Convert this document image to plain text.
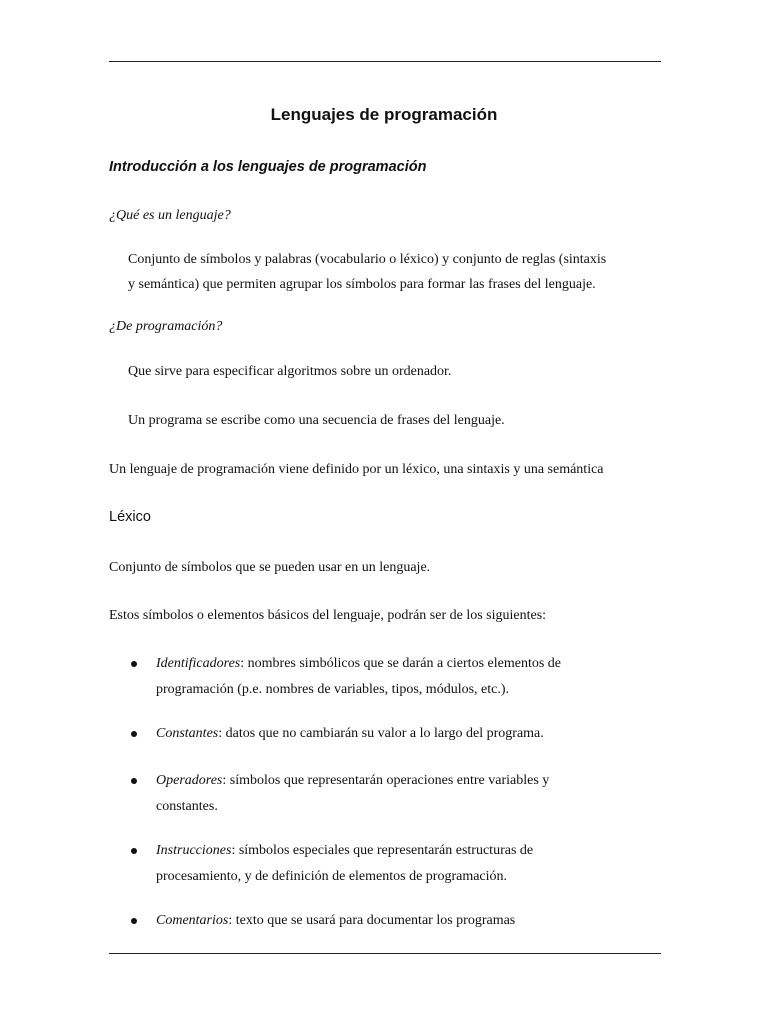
Lenguajes de programación
Introducción a los lenguajes de programación
¿Qué es un lenguaje?
Conjunto de símbolos y palabras (vocabulario o léxico) y conjunto de reglas (sintaxis
y semántica) que permiten agrupar los símbolos para formar las frases del lenguaje.
¿De programación?
Que sirve para especificar algoritmos sobre un ordenador.
Un programa se escribe como una secuencia de frases del lenguaje.
Un lenguaje de programación viene definido por un léxico, una sintaxis y una semántica
Léxico
Conjunto de símbolos que se pueden usar en un lenguaje.
Estos símbolos o elementos básicos del lenguaje, podrán ser de los siguientes:
Identificadores: nombres simbólicos que se darán a ciertos elementos de
programación (p.e. nombres de variables, tipos, módulos, etc.).
Constantes: datos que no cambiarán su valor a lo largo del programa.
Operadores: símbolos que representarán operaciones entre variables y
constantes.
Instrucciones: símbolos especiales que representarán estructuras de
procesamiento, y de definición de elementos de programación.
Comentarios: texto que se usará para documentar los programas
